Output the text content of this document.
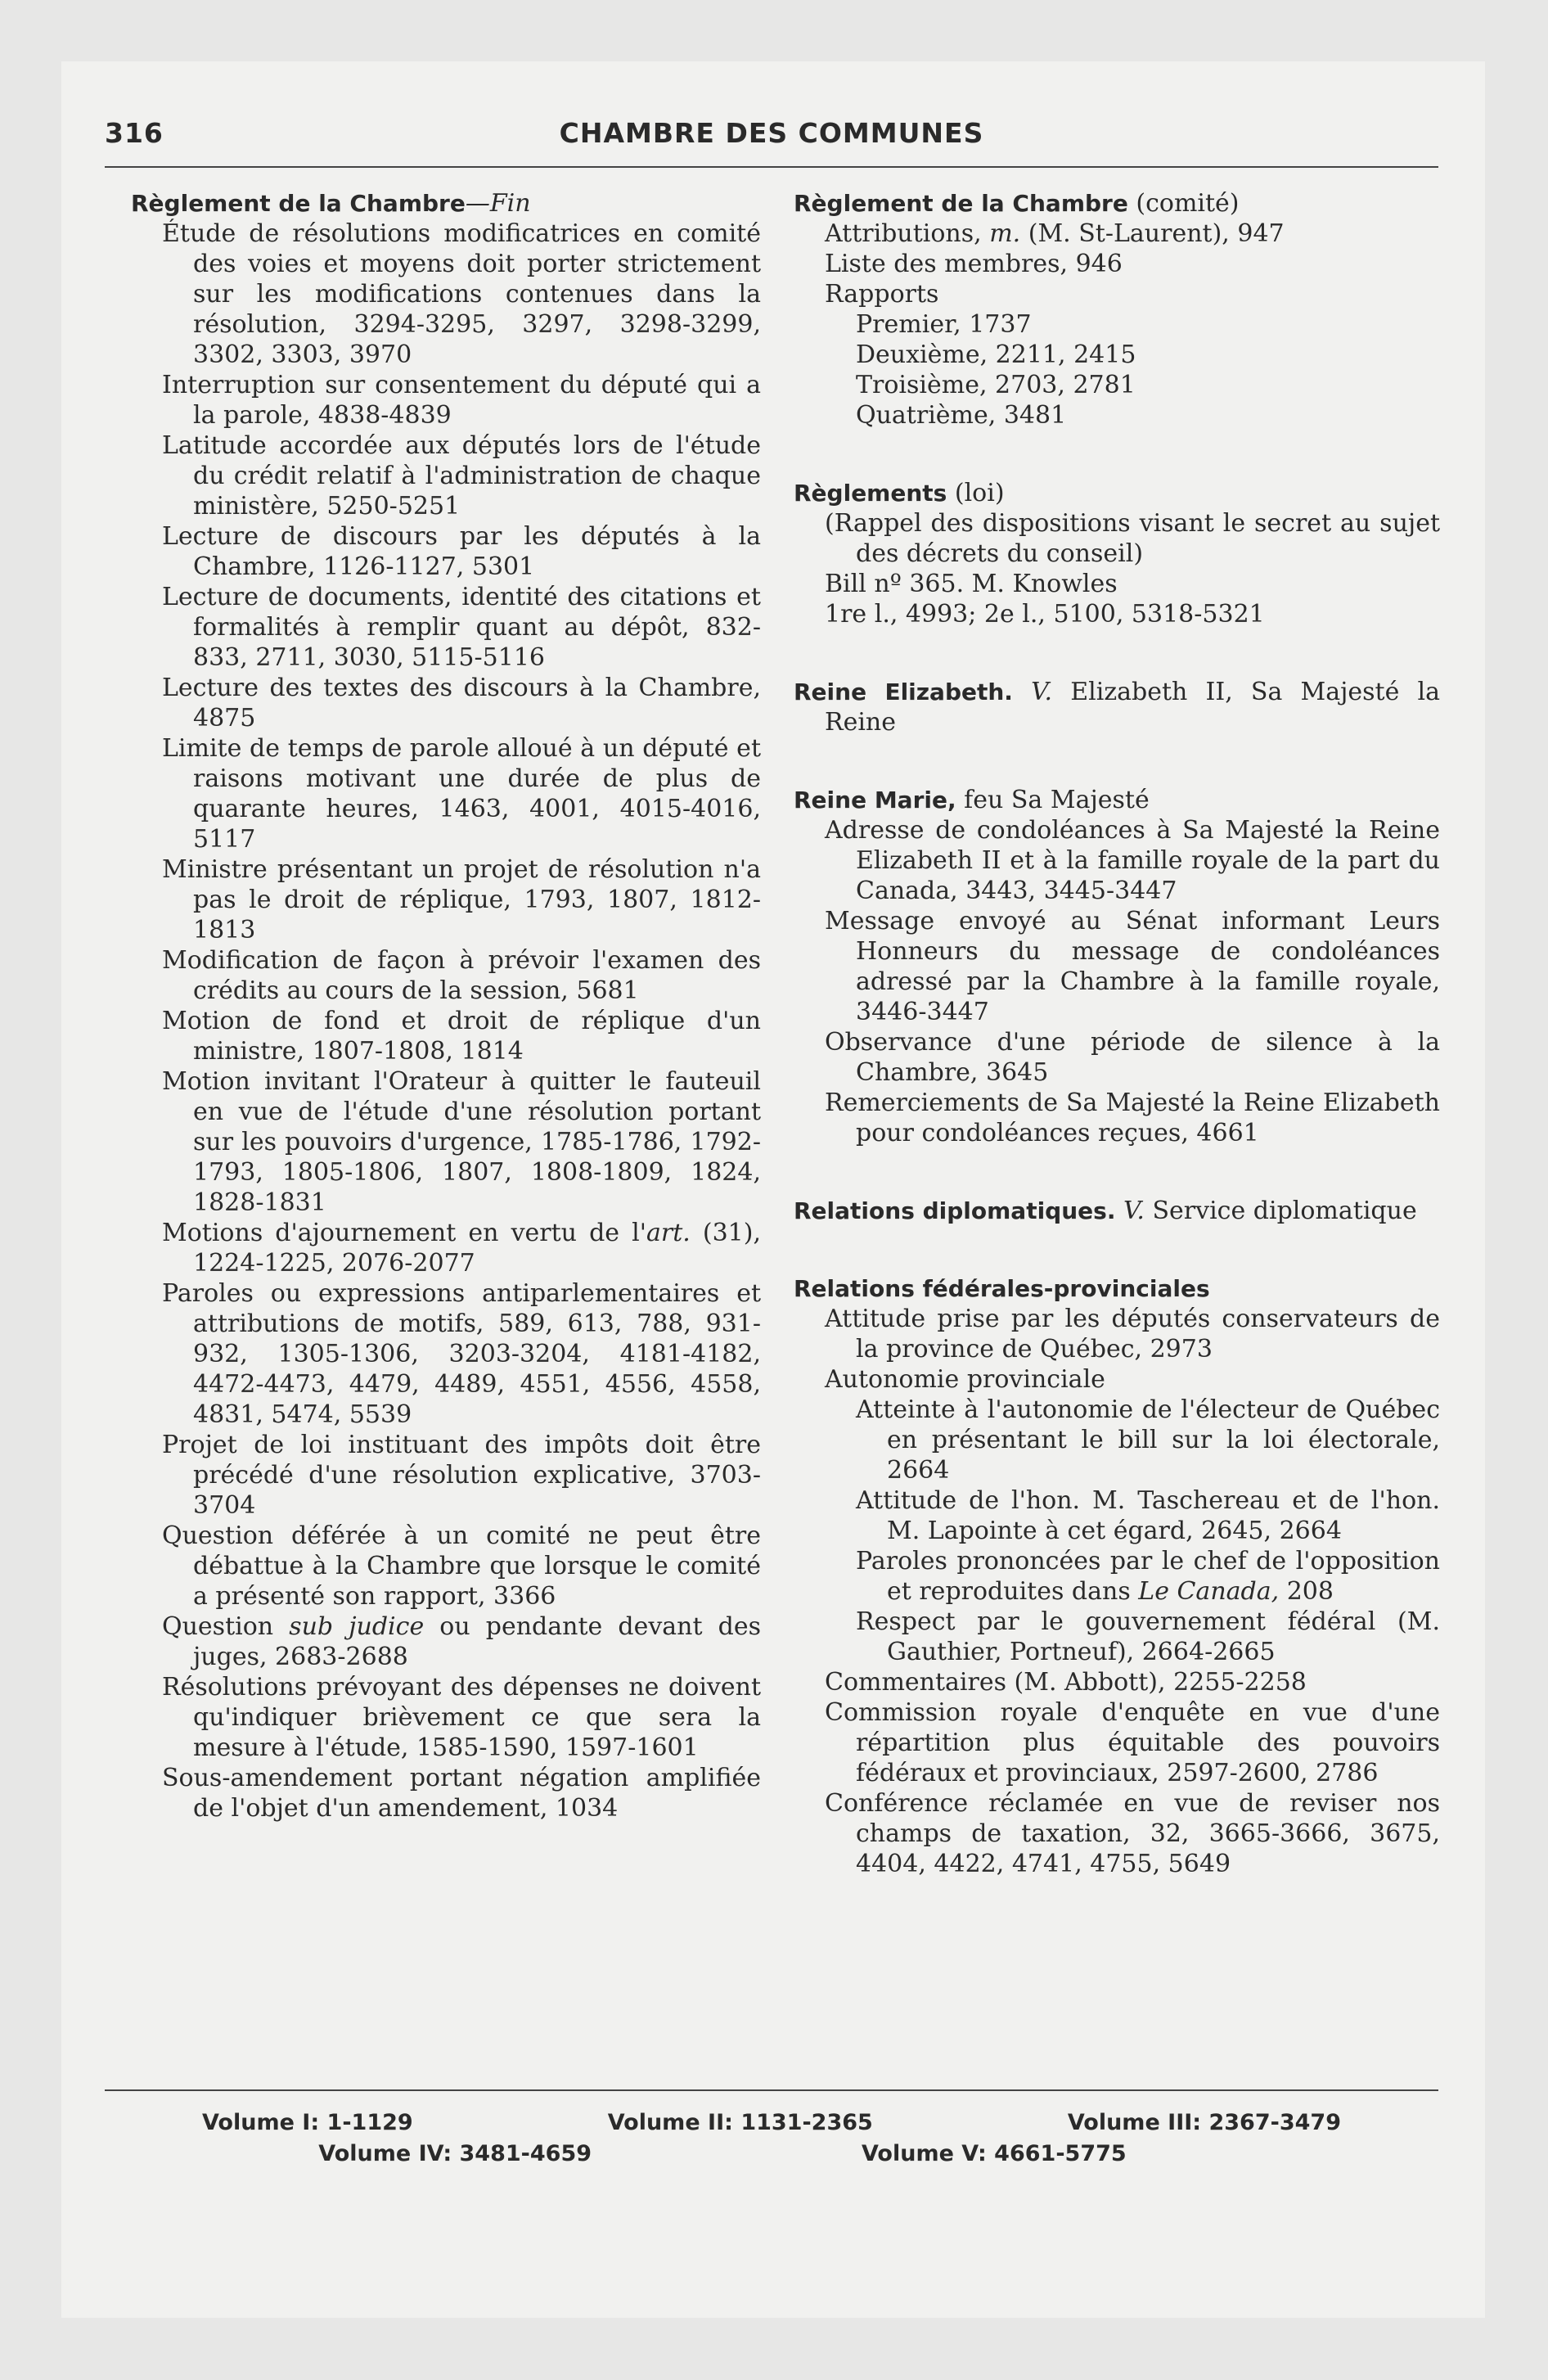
316	CHAMBRE DES COMMUNES
Règlement de la Chambre—Fin
Étude de résolutions modificatrices en comité des voies et moyens doit porter strictement sur les modifications contenues dans la résolution, 3294-3295, 3297, 3298-3299, 3302, 3303, 3970
Interruption sur consentement du député qui a la parole, 4838-4839
Latitude accordée aux députés lors de l'étude du crédit relatif à l'administration de chaque ministère, 5250-5251
Lecture de discours par les députés à la Chambre, 1126-1127, 5301
Lecture de documents, identité des citations et formalités à remplir quant au dépôt, 832-833, 2711, 3030, 5115-5116
Lecture des textes des discours à la Chambre, 4875
Limite de temps de parole alloué à un député et raisons motivant une durée de plus de quarante heures, 1463, 4001, 4015-4016, 5117
Ministre présentant un projet de résolution n'a pas le droit de réplique, 1793, 1807, 1812-1813
Modification de façon à prévoir l'examen des crédits au cours de la session, 5681
Motion de fond et droit de réplique d'un ministre, 1807-1808, 1814
Motion invitant l'Orateur à quitter le fauteuil en vue de l'étude d'une résolution portant sur les pouvoirs d'urgence, 1785-1786, 1792-1793, 1805-1806, 1807, 1808-1809, 1824, 1828-1831
Motions d'ajournement en vertu de l'art. (31), 1224-1225, 2076-2077
Paroles ou expressions antiparlementaires et attributions de motifs, 589, 613, 788, 931-932, 1305-1306, 3203-3204, 4181-4182, 4472-4473, 4479, 4489, 4551, 4556, 4558, 4831, 5474, 5539
Projet de loi instituant des impôts doit être précédé d'une résolution explicative, 3703-3704
Question déférée à un comité ne peut être débattue à la Chambre que lorsque le comité a présenté son rapport, 3366
Question sub judice ou pendante devant des juges, 2683-2688
Résolutions prévoyant des dépenses ne doivent qu'indiquer brièvement ce que sera la mesure à l'étude, 1585-1590, 1597-1601
Sous-amendement portant négation amplifiée de l'objet d'un amendement, 1034
Règlement de la Chambre (comité)
Attributions, m. (M. St-Laurent), 947
Liste des membres, 946
Rapports
Premier, 1737
Deuxième, 2211, 2415
Troisième, 2703, 2781
Quatrième, 3481
Règlements (loi)
(Rappel des dispositions visant le secret au sujet des décrets du conseil)
Bill nº 365. M. Knowles
1re l., 4993; 2e l., 5100, 5318-5321
Reine Elizabeth. V. Elizabeth II, Sa Majesté la Reine
Reine Marie, feu Sa Majesté
Adresse de condoléances à Sa Majesté la Reine Elizabeth II et à la famille royale de la part du Canada, 3443, 3445-3447
Message envoyé au Sénat informant Leurs Honneurs du message de condoléances adressé par la Chambre à la famille royale, 3446-3447
Observance d'une période de silence à la Chambre, 3645
Remerciements de Sa Majesté la Reine Elizabeth pour condoléances reçues, 4661
Relations diplomatiques. V. Service diplomatique
Relations fédérales-provinciales
Attitude prise par les députés conservateurs de la province de Québec, 2973
Autonomie provinciale
Atteinte à l'autonomie de l'électeur de Québec en présentant le bill sur la loi électorale, 2664
Attitude de l'hon. M. Taschereau et de l'hon. M. Lapointe à cet égard, 2645, 2664
Paroles prononcées par le chef de l'opposition et reproduites dans Le Canada, 208
Respect par le gouvernement fédéral (M. Gauthier, Portneuf), 2664-2665
Commentaires (M. Abbott), 2255-2258
Commission royale d'enquête en vue d'une répartition plus équitable des pouvoirs fédéraux et provinciaux, 2597-2600, 2786
Conférence réclamée en vue de reviser nos champs de taxation, 32, 3665-3666, 3675, 4404, 4422, 4741, 4755, 5649
Volume I: 1-1129	Volume II: 1131-2365	Volume III: 2367-3479
Volume IV: 3481-4659	Volume V: 4661-5775
